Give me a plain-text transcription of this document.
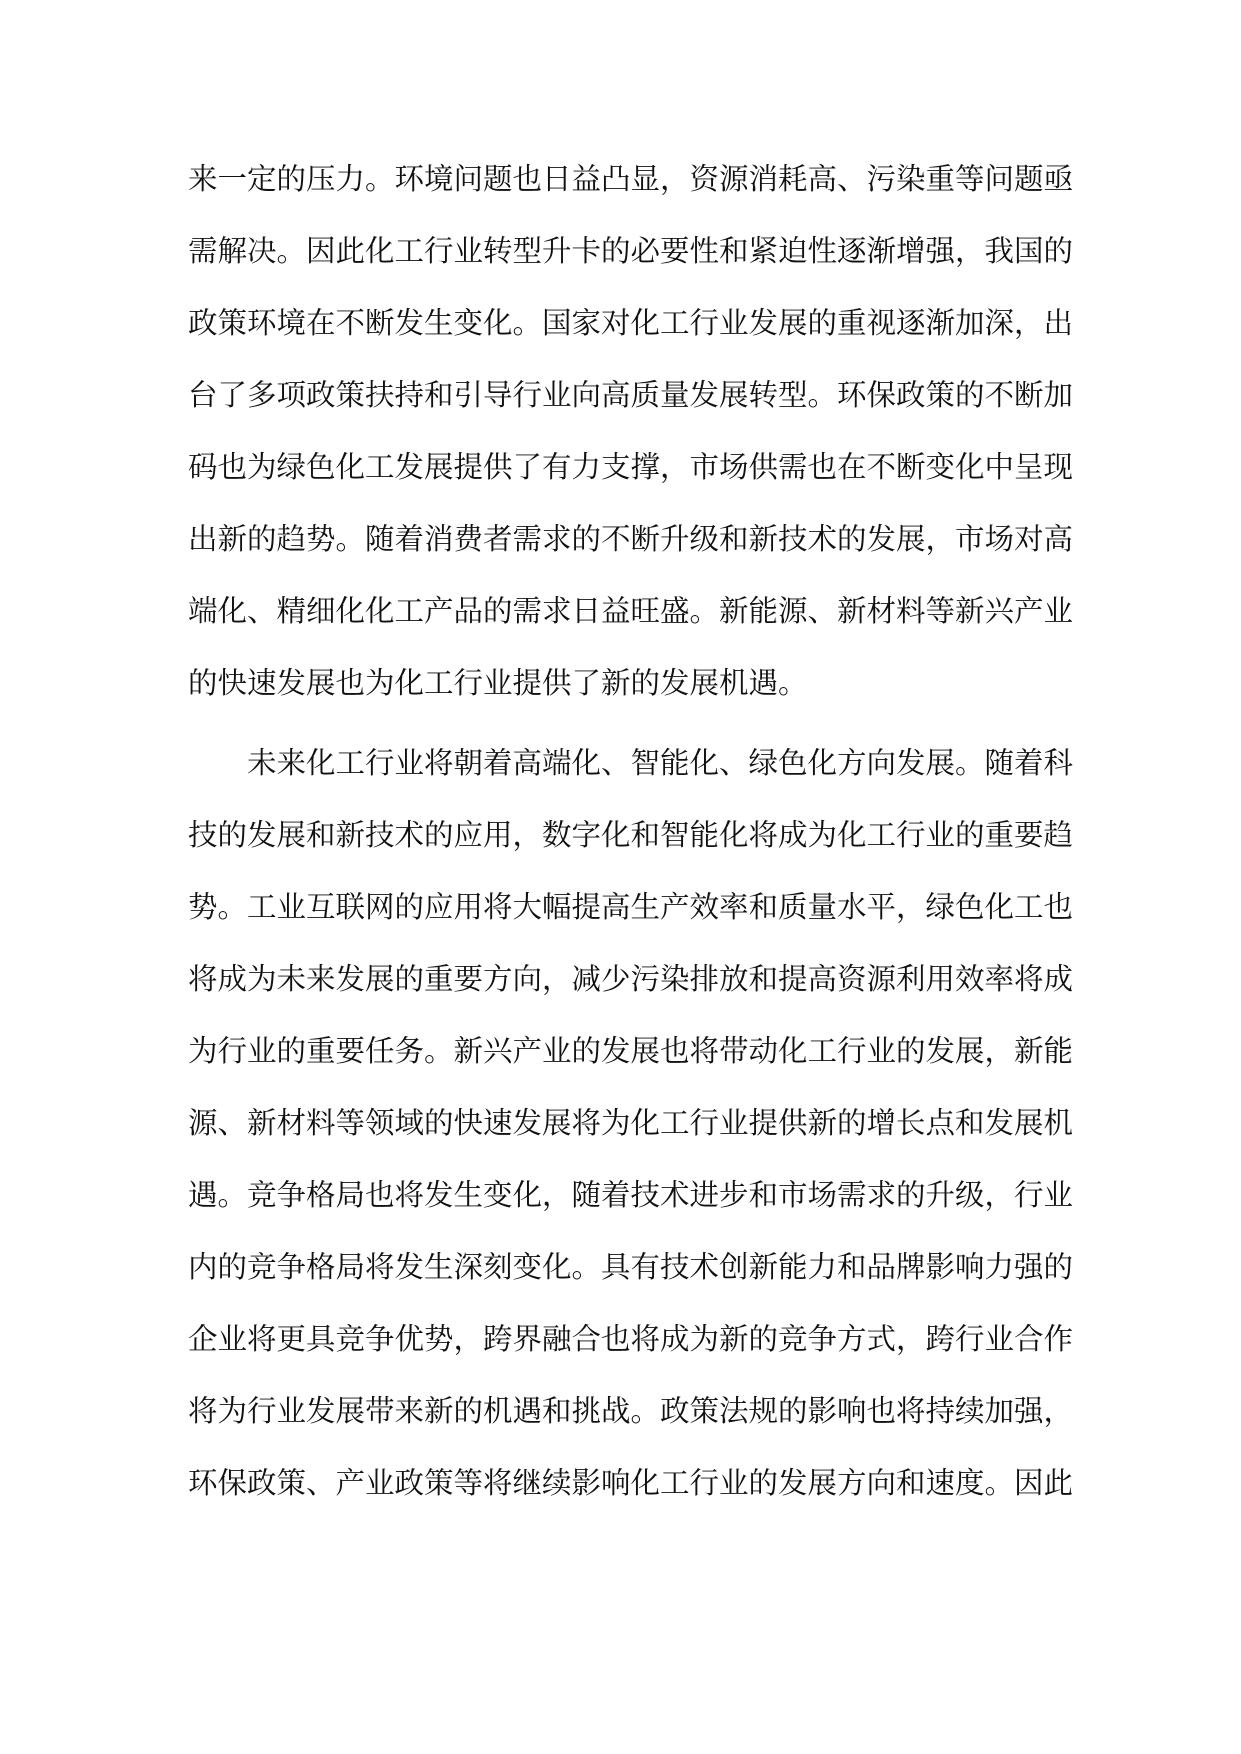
来一定的压力。环境问题也日益凸显，资源消耗高、污染重等问题亟
需解决。因此化工行业转型升卡的必要性和紧迫性逐渐增强，我国的
政策环境在不断发生变化。国家对化工行业发展的重视逐渐加深，出
台了多项政策扶持和引导行业向高质量发展转型。环保政策的不断加
码也为绿色化工发展提供了有力支撑，市场供需也在不断变化中呈现
出新的趋势。随着消费者需求的不断升级和新技术的发展，市场对高
端化、精细化化工产品的需求日益旺盛。新能源、新材料等新兴产业
的快速发展也为化工行业提供了新的发展机遇。
未来化工行业将朝着高端化、智能化、绿色化方向发展。随着科
技的发展和新技术的应用，数字化和智能化将成为化工行业的重要趋
势。工业互联网的应用将大幅提高生产效率和质量水平，绿色化工也
将成为未来发展的重要方向，减少污染排放和提高资源利用效率将成
为行业的重要任务。新兴产业的发展也将带动化工行业的发展，新能
源、新材料等领域的快速发展将为化工行业提供新的增长点和发展机
遇。竞争格局也将发生变化，随着技术进步和市场需求的升级，行业
内的竞争格局将发生深刻变化。具有技术创新能力和品牌影响力强的
企业将更具竞争优势，跨界融合也将成为新的竞争方式，跨行业合作
将为行业发展带来新的机遇和挑战。政策法规的影响也将持续加强，
环保政策、产业政策等将继续影响化工行业的发展方向和速度。因此
